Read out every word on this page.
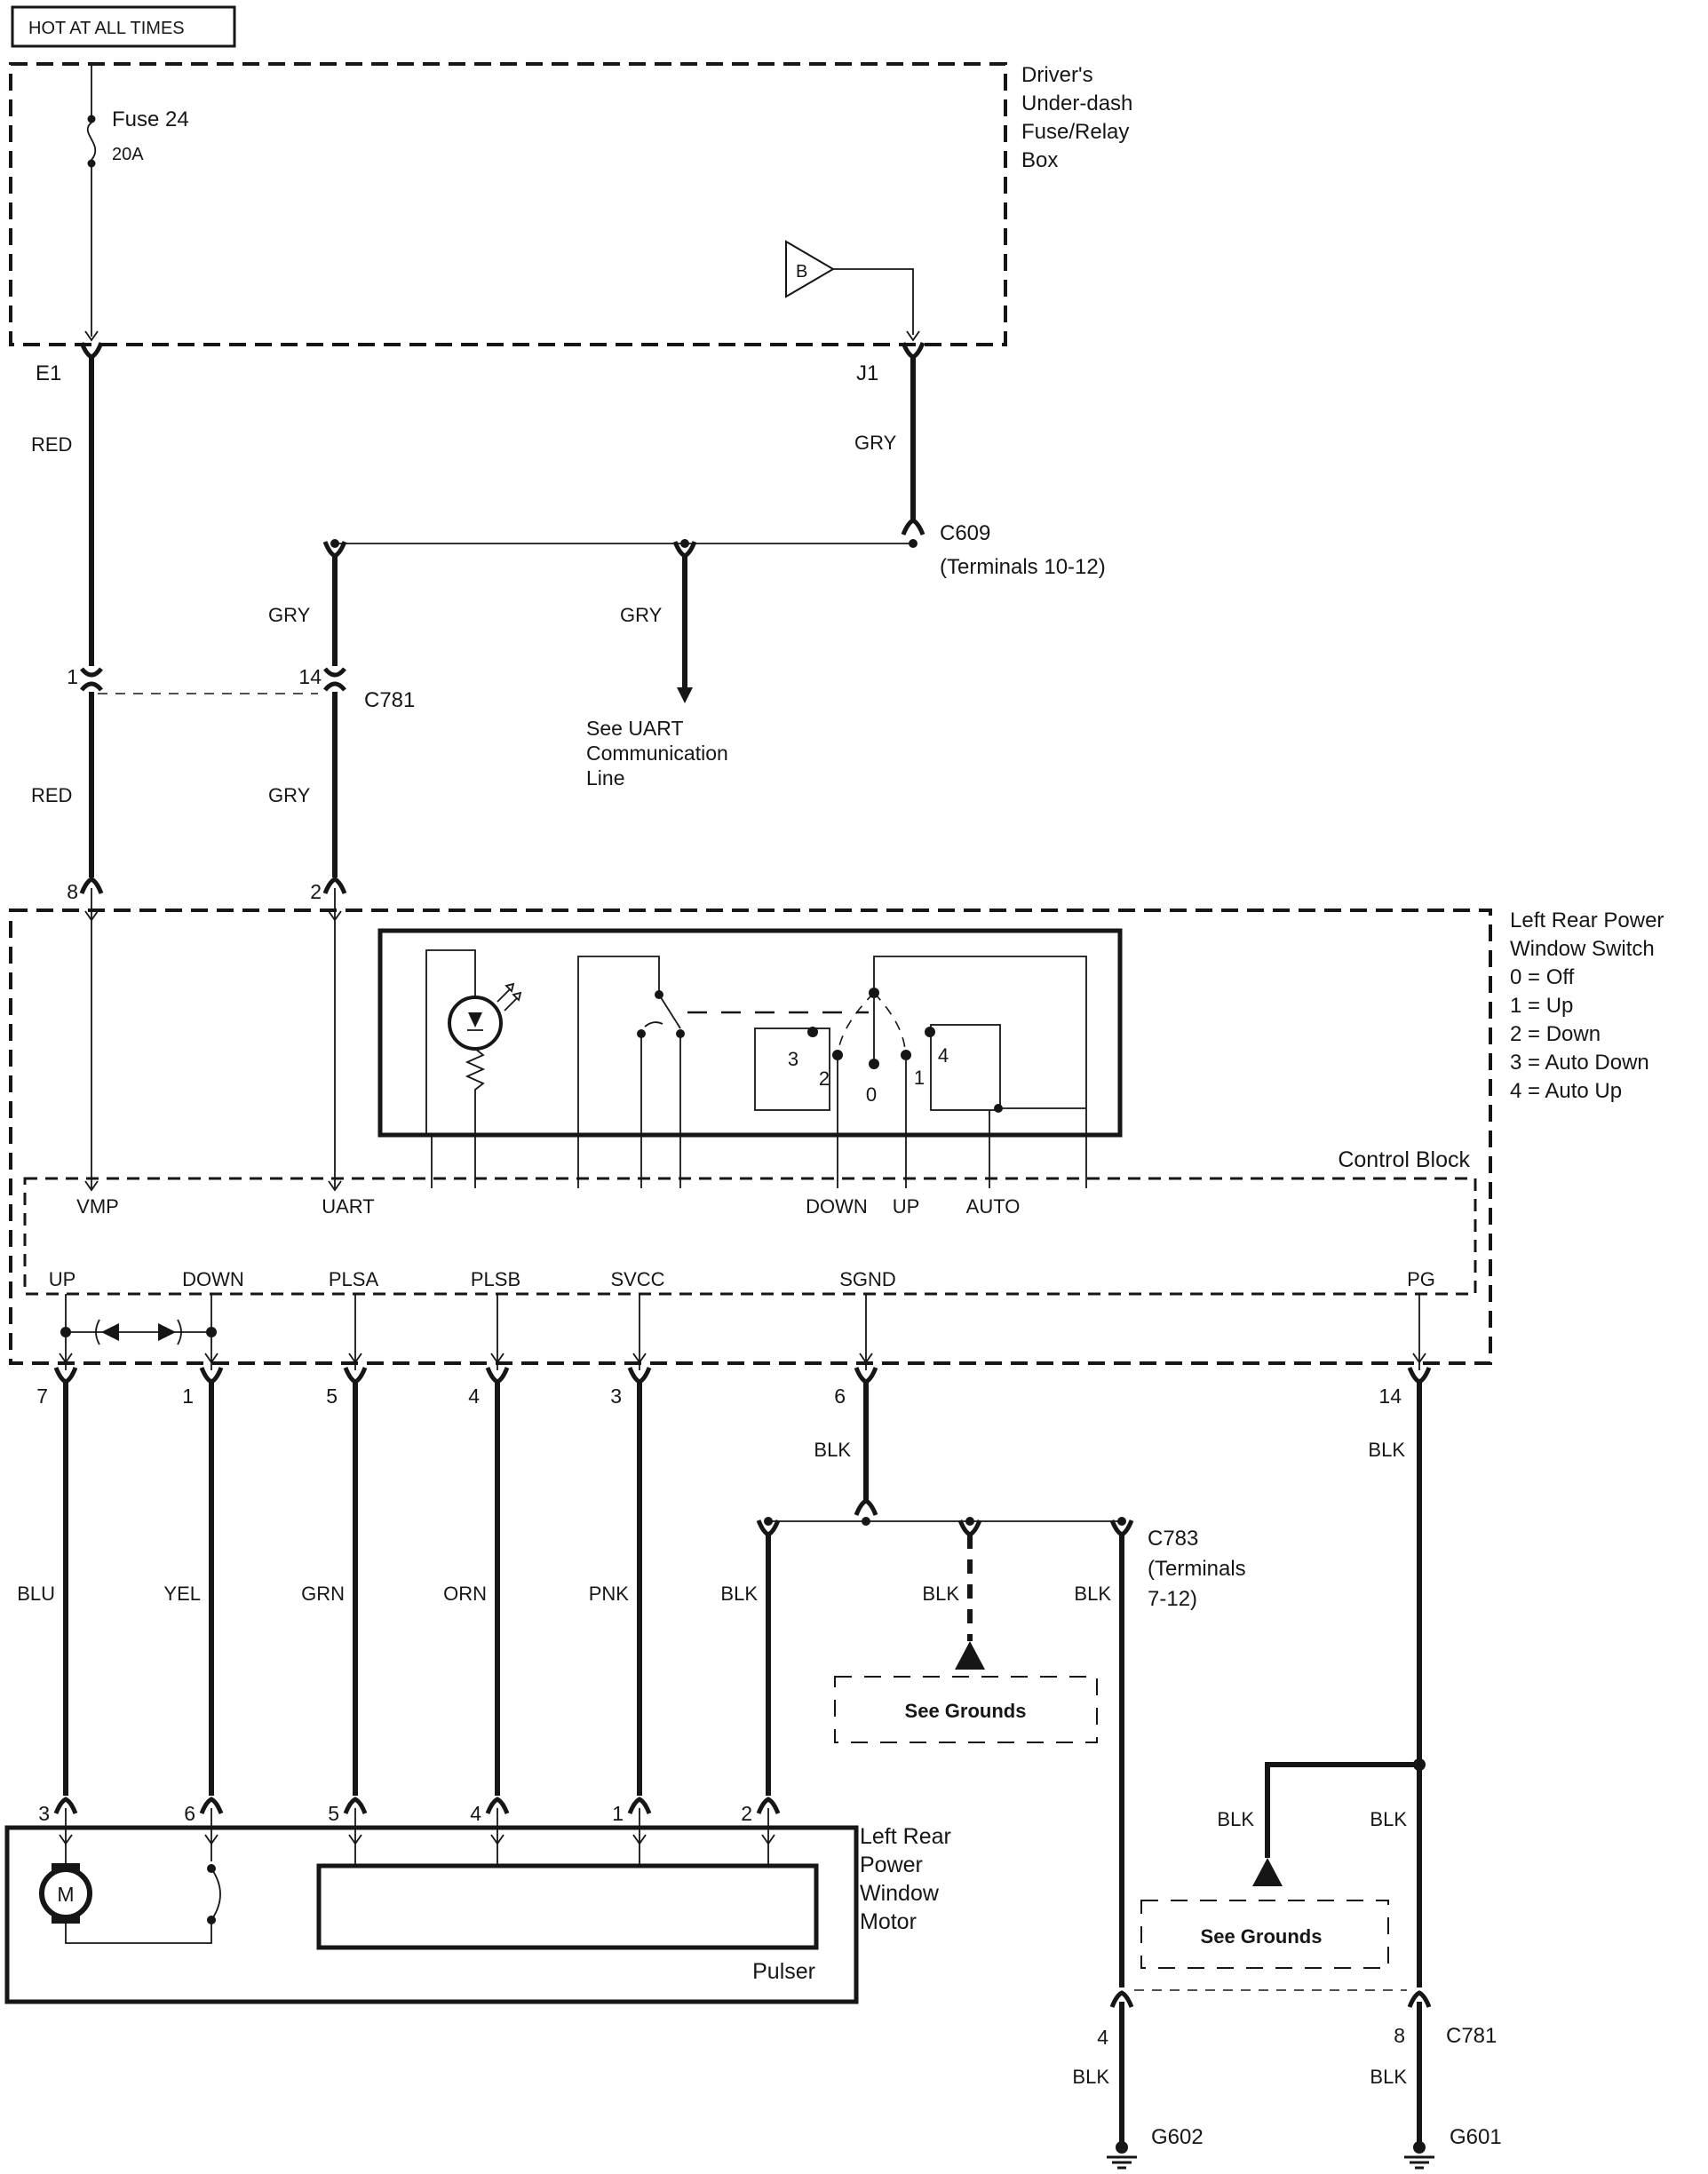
HOT AT ALL TIMES
Driver's
Under-dash
Fuse/Relay
Box
Fuse 24
20A
B
E1	J1
RED
1
RED
8
GRY
C609
(Terminals 10-12)
GRY
14
C781
GRY
2
GRY
See UART
Communication
Line
Left Rear Power
Window Switch
0 = Off
1 = Up
2 = Down
3 = Auto Down
4 = Auto Up
3
2
0
1
4
Control Block
VMP	UART	DOWN UP AUTO
UP	DOWN	PLSA	PLSB	SVCC	SGND	PG
7	1	5	4	3	6	14
BLU	YEL	GRN	ORN	PNK
BLK
C783
(Terminals
7-12)
BLK	BLK
See Grounds
BLK
BLK
BLK	BLK
See Grounds
4	8 C781
BLK	BLK
G602	G601
Left Rear
Power
Window
Motor
3	6	5	4	1	2
M
Pulser
